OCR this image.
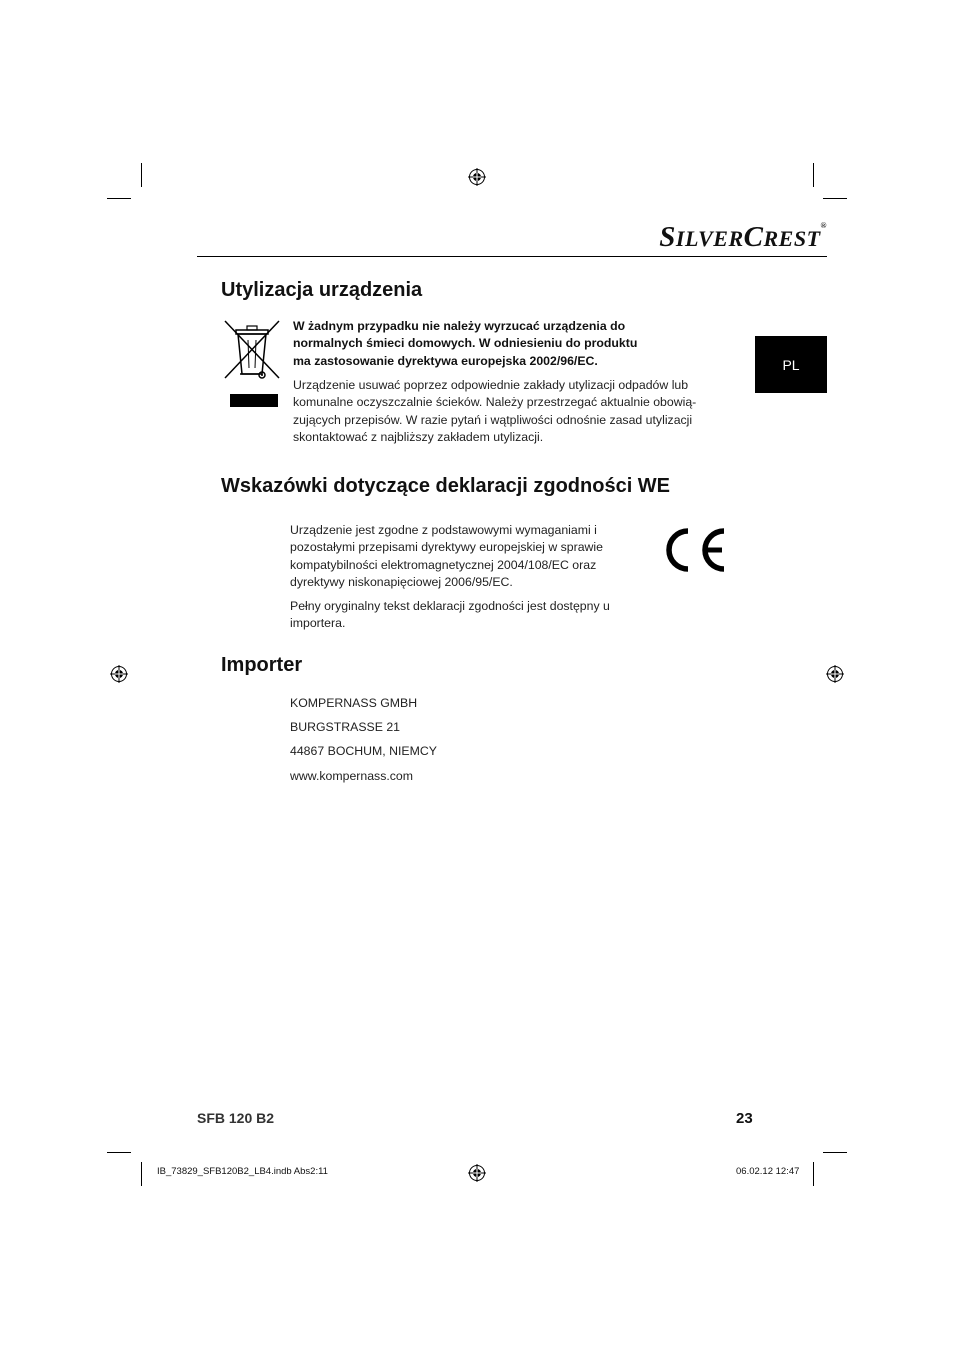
SILVERCREST®
PL
Utylizacja urządzenia
W żadnym przypadku nie należy wyrzucać urządzenia do
normalnych śmieci domowych. W odniesieniu do produktu
ma zastosowanie dyrektywa europejska 2002/96/EC.
Urządzenie usuwać poprzez odpowiednie zakłady utylizacji odpadów lub
komunalne oczyszczalnie ścieków. Należy przestrzegać aktualnie obowią-
zujących przepisów. W razie pytań i wątpliwości odnośnie zasad utylizacji
skontaktować z najbliższy zakładem utylizacji.
Wskazówki dotyczące deklaracji zgodności WE
Urządzenie jest zgodne z podstawowymi wymaganiami i
pozostałymi przepisami dyrektywy europejskiej w sprawie
kompatybilności elektromagnetycznej 2004/108/EC oraz
dyrektywy niskonapięciowej 2006/95/EC.
Pełny oryginalny tekst deklaracji zgodności jest dostępny u
importera.
Importer
KOMPERNASS GMBH
BURGSTRASSE 21
44867 BOCHUM, NIEMCY
www.kompernass.com
SFB 120 B2	23
IB_73829_SFB120B2_LB4.indb Abs2:11	06.02.12 12:47
